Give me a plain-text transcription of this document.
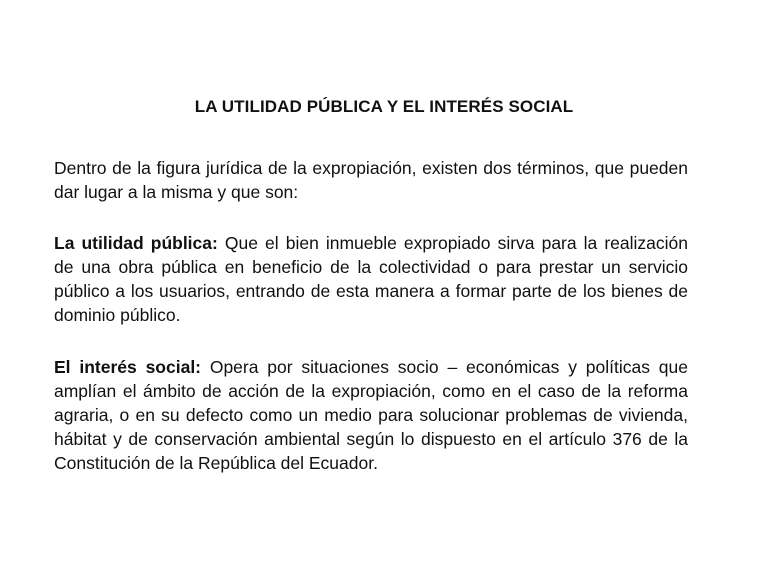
LA UTILIDAD PÚBLICA Y EL INTERÉS SOCIAL

Dentro de la figura jurídica de la expropiación, existen dos términos, que pueden dar lugar a la misma y que son:

La utilidad pública: Que el bien inmueble expropiado sirva para la realización de una obra pública en beneficio de la colectividad o para prestar un servicio público a los usuarios, entrando de esta manera a formar parte de los bienes de dominio público.

El interés social: Opera por situaciones socio – económicas y políticas que amplían el ámbito de acción de la expropiación, como en el caso de la reforma agraria, o en su defecto como un medio para solucionar problemas de vivienda, hábitat y de conservación ambiental según lo dispuesto en el artículo 376 de la Constitución de la República del Ecuador.
